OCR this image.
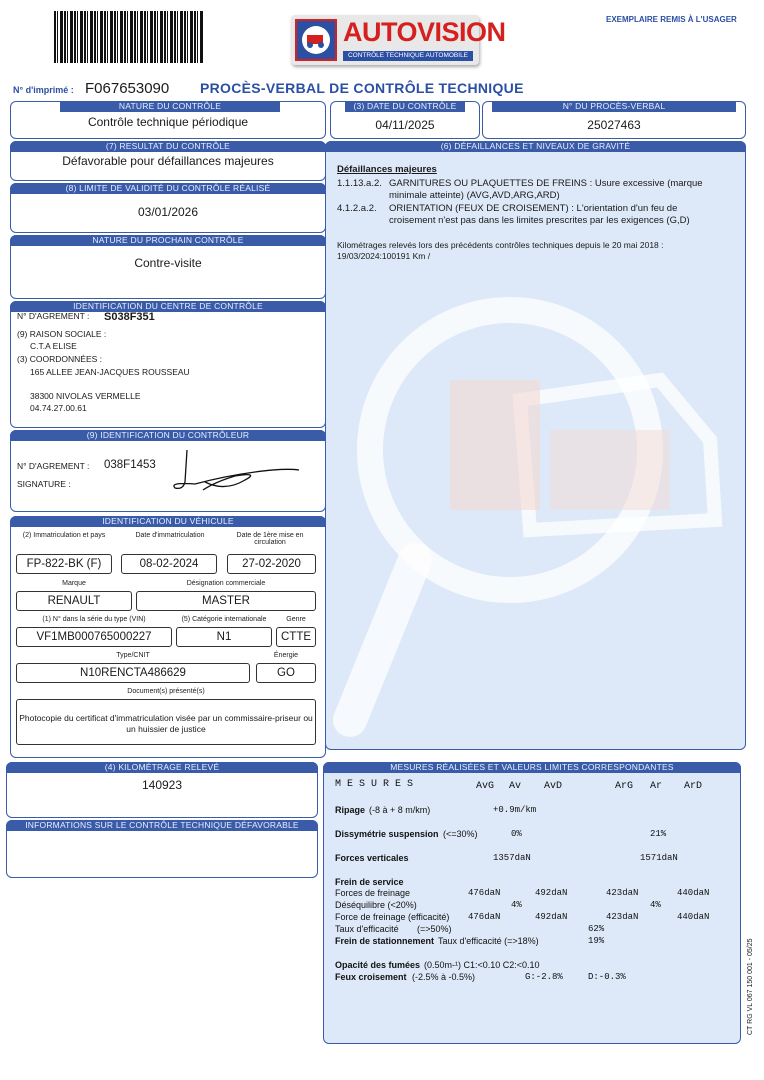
AUTOVISION
CONTRÔLE TECHNIQUE AUTOMOBILE
EXEMPLAIRE REMIS À L'USAGER
N° d'imprimé : F067653090 PROCÈS-VERBAL DE CONTRÔLE TECHNIQUE
NATURE DU CONTRÔLE
Contrôle technique périodique
(3) DATE DU CONTRÔLE
04/11/2025
N° DU PROCÈS-VERBAL
25027463
(7) RESULTAT DU CONTRÔLE
Défavorable pour défaillances majeures
(8) LIMITE DE VALIDITÉ DU CONTRÔLE RÉALISÉ
03/01/2026
NATURE DU PROCHAIN CONTRÔLE
Contre-visite
IDENTIFICATION DU CENTRE DE CONTRÔLE
N° D'AGREMENT : S038F351
(9) RAISON SOCIALE :
C.T.A ELISE
(3) COORDONNÉES :
165 ALLEE JEAN-JACQUES ROUSSEAU
38300 NIVOLAS VERMELLE
04.74.27.00.61
(9) IDENTIFICATION DU CONTRÔLEUR
N° D'AGREMENT : 038F1453
SIGNATURE :
IDENTIFICATION DU VÉHICULE
(2) Immatriculation et pays	Date d'immatriculation	Date de 1ère mise en circulation
FP-822-BK (F)	08-02-2024	27-02-2020
Marque	Désignation commerciale
RENAULT	MASTER
(1) N° dans la série du type (VIN)	(5) Catégorie internationale	Genre
VF1MB000765000227	N1	CTTE
Type/CNIT	Énergie
N10RENCTA486629	GO
Document(s) présenté(s)
Photocopie du certificat d'immatriculation visée par un commissaire-priseur ou un huissier de justice
(4) KILOMÉTRAGE RELEVÉ
140923
INFORMATIONS SUR LE CONTRÔLE TECHNIQUE DÉFAVORABLE
(6) DÉFAILLANCES ET NIVEAUX DE GRAVITÉ
Défaillances majeures
1.1.13.a.2. GARNITURES OU PLAQUETTES DE FREINS : Usure excessive (marque
minimale atteinte) (AVG,AVD,ARG,ARD)
4.1.2.a.2. ORIENTATION (FEUX DE CROISEMENT) : L'orientation d'un feu de
croisement n'est pas dans les limites prescrites par les exigences (G,D)
Kilométrages relevés lors des précédents contrôles techniques depuis le 20 mai 2018 :
19/03/2024:100191 Km /
MESURES RÉALISÉES ET VALEURS LIMITES CORRESPONDANTES
M E S U R E S	AvG Av AvD	ArG Ar ArD
Ripage (-8 à + 8 m/km)	+0.9m/km
Dissymétrie suspension (<=30%)	0%	21%
Forces verticales	1357daN	1571daN
Frein de service
Forces de freinage	476daN	492daN	423daN	440daN
Déséquilibre (<20%)	4%	4%
Force de freinage (efficacité) 476daN	492daN	423daN	440daN
Taux d'efficacité (=>50%)	62%
Frein de stationnement Taux d'efficacité (=>18%)	19%
Opacité des fumées (0.50m-¹) C1:<0.10 C2:<0.10
Feux croisement (-2.5% à -0.5%)	G:-2.8%	D:-0.3%	CT RG VL 067 150 001 - 05/25
